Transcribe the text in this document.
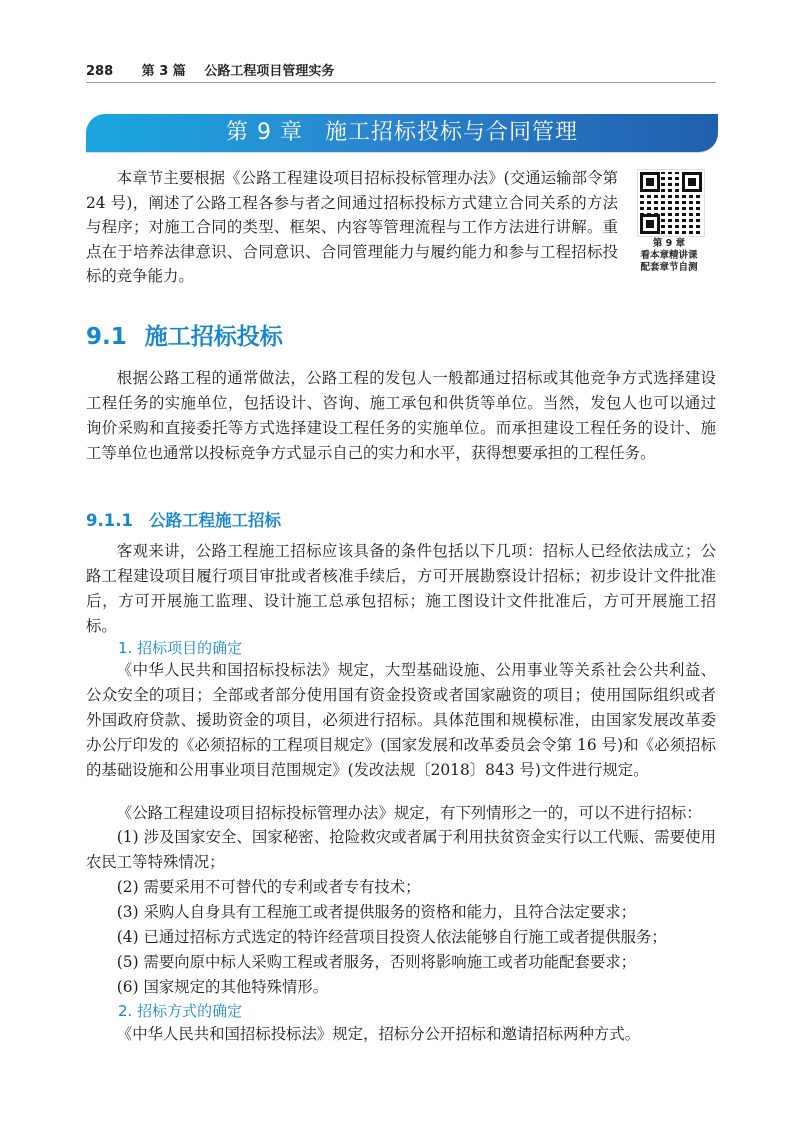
288 第 3 篇 公路工程项目管理实务
第 9 章 施工招标投标与合同管理
本章节主要根据《公路工程建设项目招标投标管理办法》(交通运输部令第 24 号)，阐述了公路工程各参与者之间通过招标投标方式建立合同关系的方法与程序；对施工合同的类型、框架、内容等管理流程与工作方法进行讲解。重点在于培养法律意识、合同意识、合同管理能力与履约能力和参与工程招标投标的竞争能力。
第 9 章
看本章精讲课
配套章节自测
9.1 施工招标投标
根据公路工程的通常做法，公路工程的发包人一般都通过招标或其他竞争方式选择建设工程任务的实施单位，包括设计、咨询、施工承包和供货等单位。当然，发包人也可以通过询价采购和直接委托等方式选择建设工程任务的实施单位。而承担建设工程任务的设计、施工等单位也通常以投标竞争方式显示自己的实力和水平，获得想要承担的工程任务。
9.1.1 公路工程施工招标
客观来讲，公路工程施工招标应该具备的条件包括以下几项：招标人已经依法成立；公路工程建设项目履行项目审批或者核准手续后，方可开展勘察设计招标；初步设计文件批准后，方可开展施工监理、设计施工总承包招标；施工图设计文件批准后，方可开展施工招标。
1. 招标项目的确定
《中华人民共和国招标投标法》规定，大型基础设施、公用事业等关系社会公共利益、公众安全的项目；全部或者部分使用国有资金投资或者国家融资的项目；使用国际组织或者外国政府贷款、援助资金的项目，必须进行招标。具体范围和规模标准，由国家发展改革委办公厅印发的《必须招标的工程项目规定》(国家发展和改革委员会令第 16 号)和《必须招标的基础设施和公用事业项目范围规定》(发改法规〔2018〕843 号)文件进行规定。
《公路工程建设项目招标投标管理办法》规定，有下列情形之一的，可以不进行招标：
(1) 涉及国家安全、国家秘密、抢险救灾或者属于利用扶贫资金实行以工代赈、需要使用农民工等特殊情况；
(2) 需要采用不可替代的专利或者专有技术；
(3) 采购人自身具有工程施工或者提供服务的资格和能力，且符合法定要求；
(4) 已通过招标方式选定的特许经营项目投资人依法能够自行施工或者提供服务；
(5) 需要向原中标人采购工程或者服务，否则将影响施工或者功能配套要求；
(6) 国家规定的其他特殊情形。
2. 招标方式的确定
《中华人民共和国招标投标法》规定，招标分公开招标和邀请招标两种方式。
